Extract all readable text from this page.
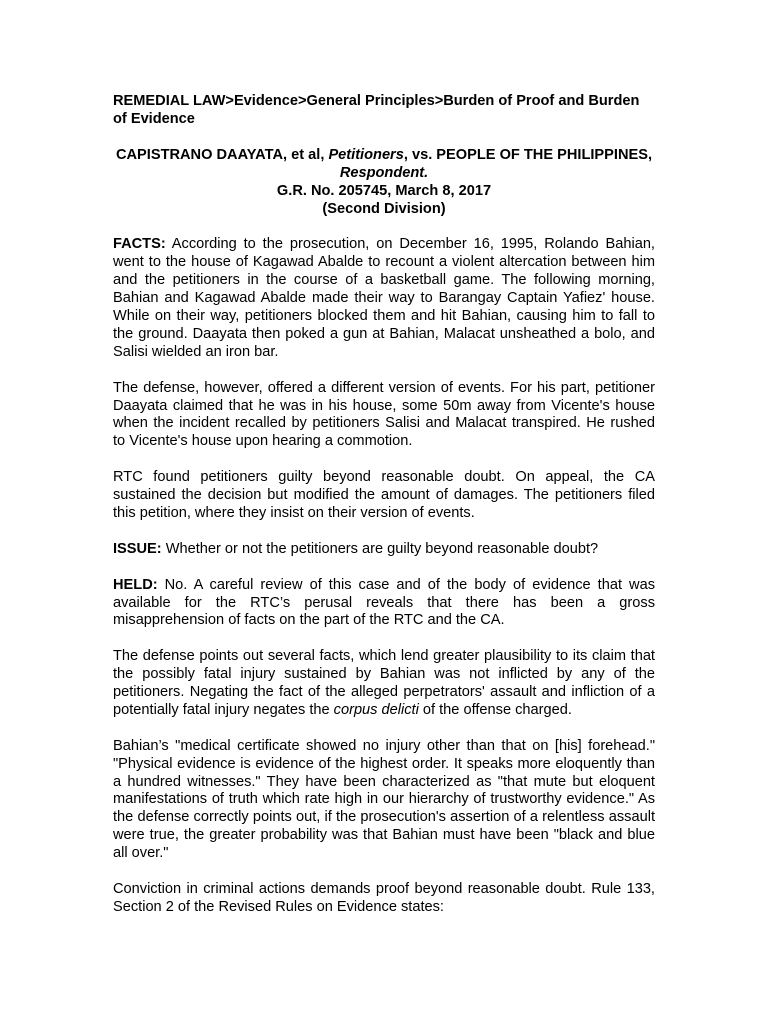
REMEDIAL LAW>Evidence>General Principles>Burden of Proof and Burden of Evidence
CAPISTRANO DAAYATA, et al, Petitioners, vs. PEOPLE OF THE PHILIPPINES, Respondent.
G.R. No. 205745, March 8, 2017
(Second Division)

FACTS: According to the prosecution, on December 16, 1995, Rolando Bahian, went to the house of Kagawad Abalde to recount a violent altercation between him and the petitioners in the course of a basketball game. The following morning, Bahian and Kagawad Abalde made their way to Barangay Captain Yafiez' house. While on their way, petitioners blocked them and hit Bahian, causing him to fall to the ground. Daayata then poked a gun at Bahian, Malacat unsheathed a bolo, and Salisi wielded an iron bar.

The defense, however, offered a different version of events. For his part, petitioner Daayata claimed that he was in his house, some 50m away from Vicente's house when the incident recalled by petitioners Salisi and Malacat transpired. He rushed to Vicente's house upon hearing a commotion.

RTC found petitioners guilty beyond reasonable doubt. On appeal, the CA sustained the decision but modified the amount of damages. The petitioners filed this petition, where they insist on their version of events.

ISSUE: Whether or not the petitioners are guilty beyond reasonable doubt?

HELD: No. A careful review of this case and of the body of evidence that was available for the RTC’s perusal reveals that there has been a gross misapprehension of facts on the part of the RTC and the CA.

The defense points out several facts, which lend greater plausibility to its claim that the possibly fatal injury sustained by Bahian was not inflicted by any of the petitioners. Negating the fact of the alleged perpetrators' assault and infliction of a potentially fatal injury negates the corpus delicti of the offense charged.

Bahian’s "medical certificate showed no injury other than that on [his] forehead." "Physical evidence is evidence of the highest order. It speaks more eloquently than a hundred witnesses." They have been characterized as "that mute but eloquent manifestations of truth which rate high in our hierarchy of trustworthy evidence." As the defense correctly points out, if the prosecution's assertion of a relentless assault were true, the greater probability was that Bahian must have been "black and blue all over."

Conviction in criminal actions demands proof beyond reasonable doubt. Rule 133, Section 2 of the Revised Rules on Evidence states:
